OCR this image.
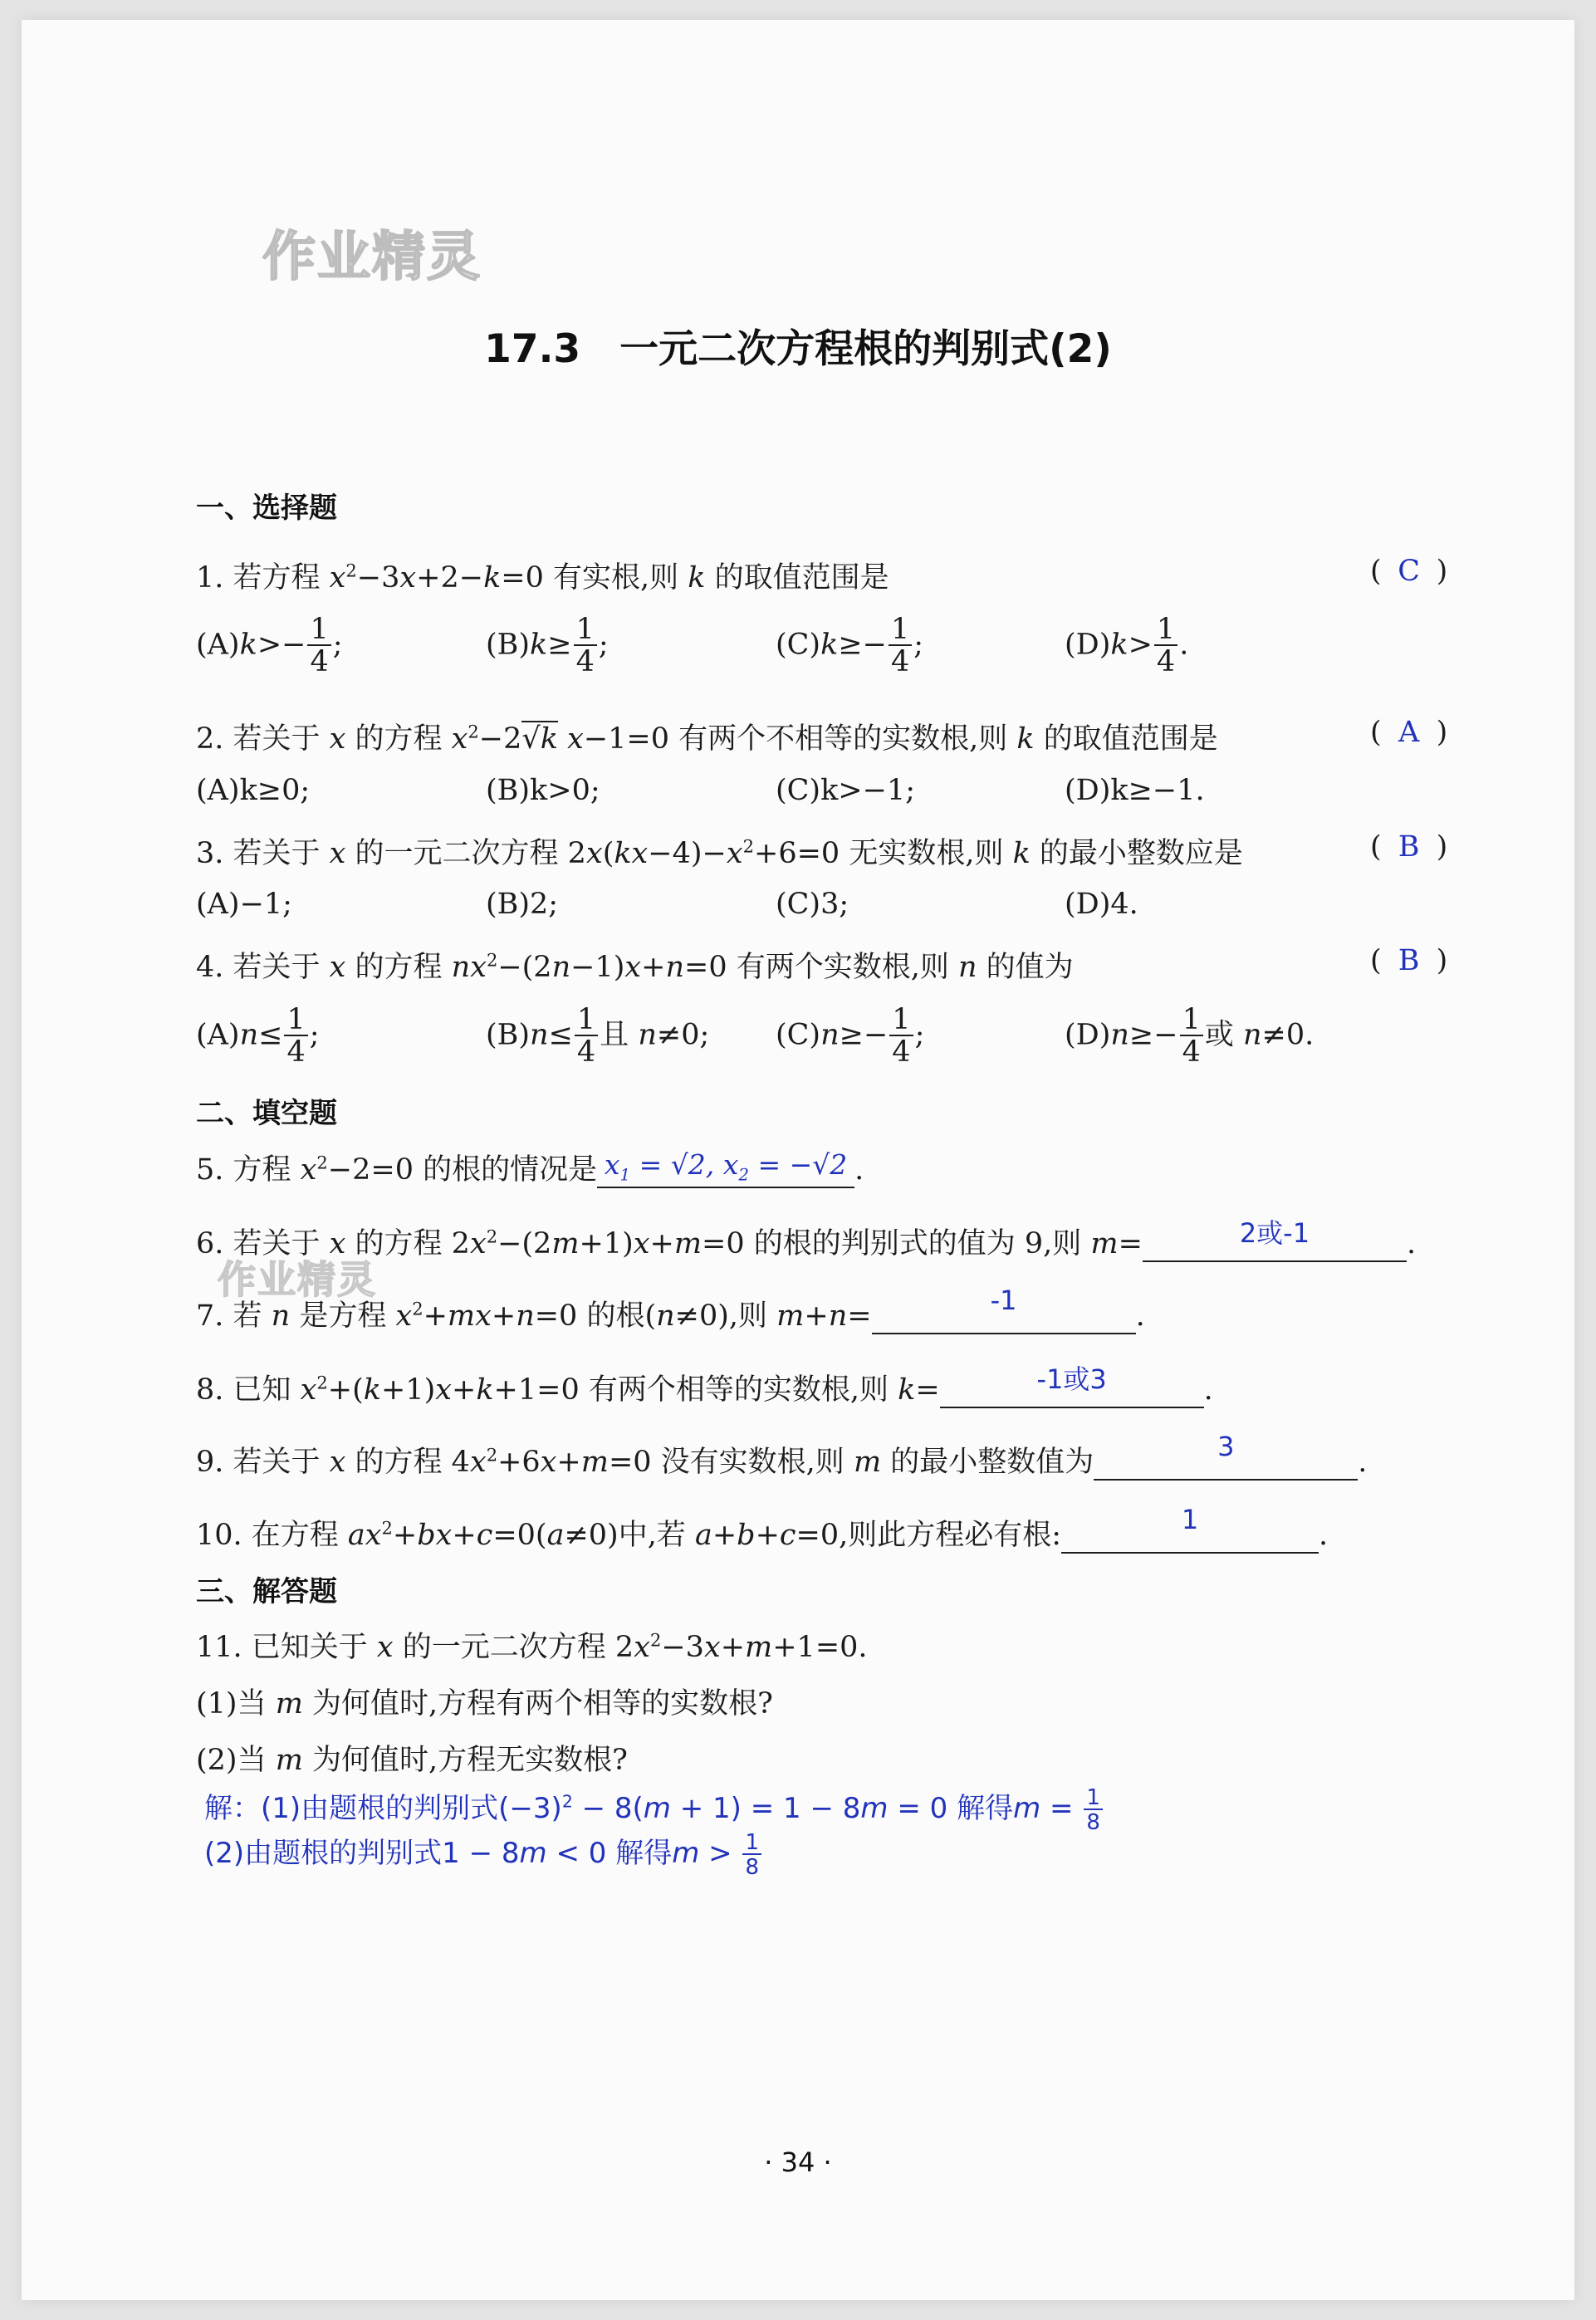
作业精灵
作业精灵
17.3　一元二次方程根的判别式(2)
一、选择题
1. 若方程 $x^2-3x+2-k=0$ 有实根,则 k 的取值范围是	( C )
$(A)k>- \frac{1}{4}$ ;	$(B)k\ge \frac{1}{4}$ ;	$(C)k\ge- \frac{1}{4}$ ;	$(D)k> \frac{1}{4}$ .
2. 若关于 x 的方程 $x^2-2√k$ x−1=0 有两个不相等的实数根,则 k 的取值范围是	( A )
(A)k≥0;	(B)k>0;	(C)k>−1;	(D)k≥−1.
3. 若关于 x 的一元二次方程 $2x(kx-4)-x^2+6=0$ 无实数根,则 k 的最小整数应是	( B )
(A)−1;	(B)2;	(C)3;	(D)4.
4. 若关于 x 的方程 $nx^2-(2n-1)x+n=0$ 有两个实数根,则 n 的值为	( B )
$(A)n\le \frac{1}{4}$ ;	$(B)n\le \frac{1}{4}$ 且 n≠0; $(C)n\ge- \frac{1}{4}$ ;	$(D)n\ge- \frac{1}{4}$ 或 n≠0.
二、填空题
5. 方程 $x^2-2=0$ 的根的情况是 $x_1 = √2$, $x_2 = -√2$ .
6. 若关于 x 的方程 $2x^2-(2m+1)x+m=0$ 的根的判别式的值为 9,则 m=	2或-1	.
7. 若 n 是方程 $x^2+mx+n=0$ 的根(n≠0),则 m+n=	-1	.
8. 已知 $x^2+(k+1)x+k+1=0$ 有两个相等的实数根,则 k=	-1或3	.
9. 若关于 x 的方程 $4x^2+6x+m=0$ 没有实数根,则 m 的最小整数值为	3	.
10. 在方程 $ax^2+bx+c=0(a\ne 0)$中,若 a+b+c=0,则此方程必有根:	1	.
三、解答题
11. 已知关于 x 的一元二次方程 $2x^2-3x+m+1=0$.
(1)当 m 为何值时,方程有两个相等的实数根?
(2)当 m 为何值时,方程无实数根?
解：(1)由题根的判别式$(-3)^2 - 8(m + 1) = 1 - 8m = 0$ 解得$m = \frac{1}{8}$
(2)由题根的判别式1 − 8m < 0 解得$m > \frac{1}{8}$
· 34 ·
